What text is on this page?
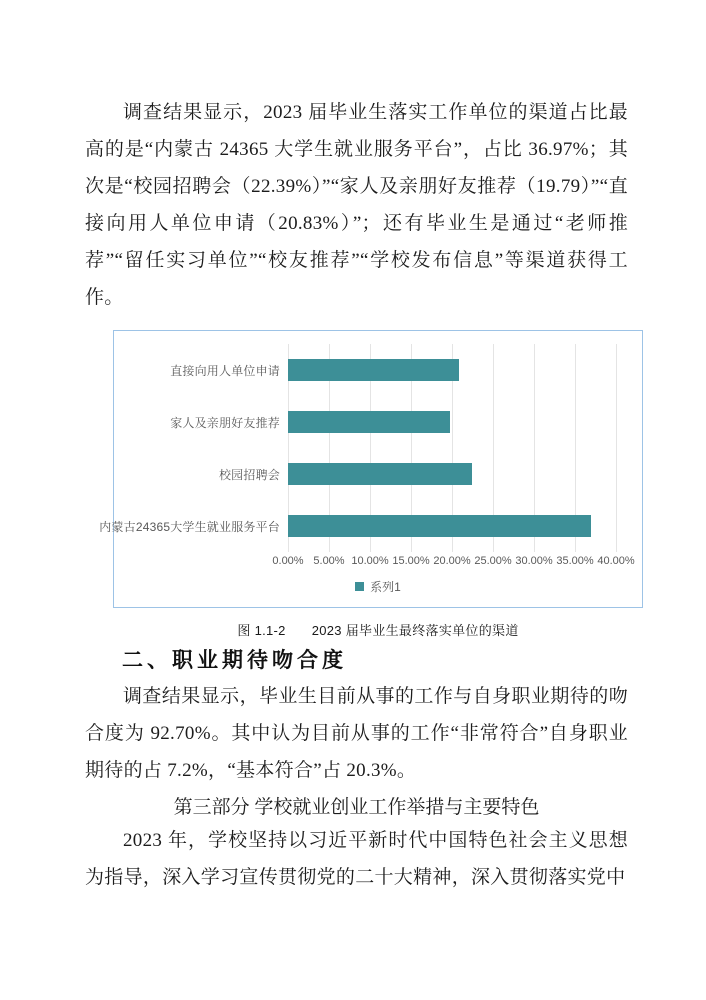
调查结果显示，2023 届毕业生落实工作单位的渠道占比最高的是“内蒙古 24365 大学生就业服务平台”，占比 36.97%；其次是“校园招聘会（22.39%）”“家人及亲朋好友推荐（19.79）”“直接向用人单位申请（20.83%）”；还有毕业生是通过“老师推荐”“留任实习单位”“校友推荐”“学校发布信息”等渠道获得工作。

直接向用人单位申请
家人及亲朋好友推荐
校园招聘会
内蒙古24365大学生就业服务平台
0.00% 5.00% 10.00% 15.00% 20.00% 25.00% 30.00% 35.00% 40.00%
系列1
图 1.1-2 2023 届毕业生最终落实单位的渠道
二、职业期待吻合度

调查结果显示，毕业生目前从事的工作与自身职业期待的吻合度为 92.70%。其中认为目前从事的工作“非常符合”自身职业期待的占 7.2%，“基本符合”占 20.3%。

第三部分 学校就业创业工作举措与主要特色

2023 年，学校坚持以习近平新时代中国特色社会主义思想为指导，深入学习宣传贯彻党的二十大精神，深入贯彻落实党中
